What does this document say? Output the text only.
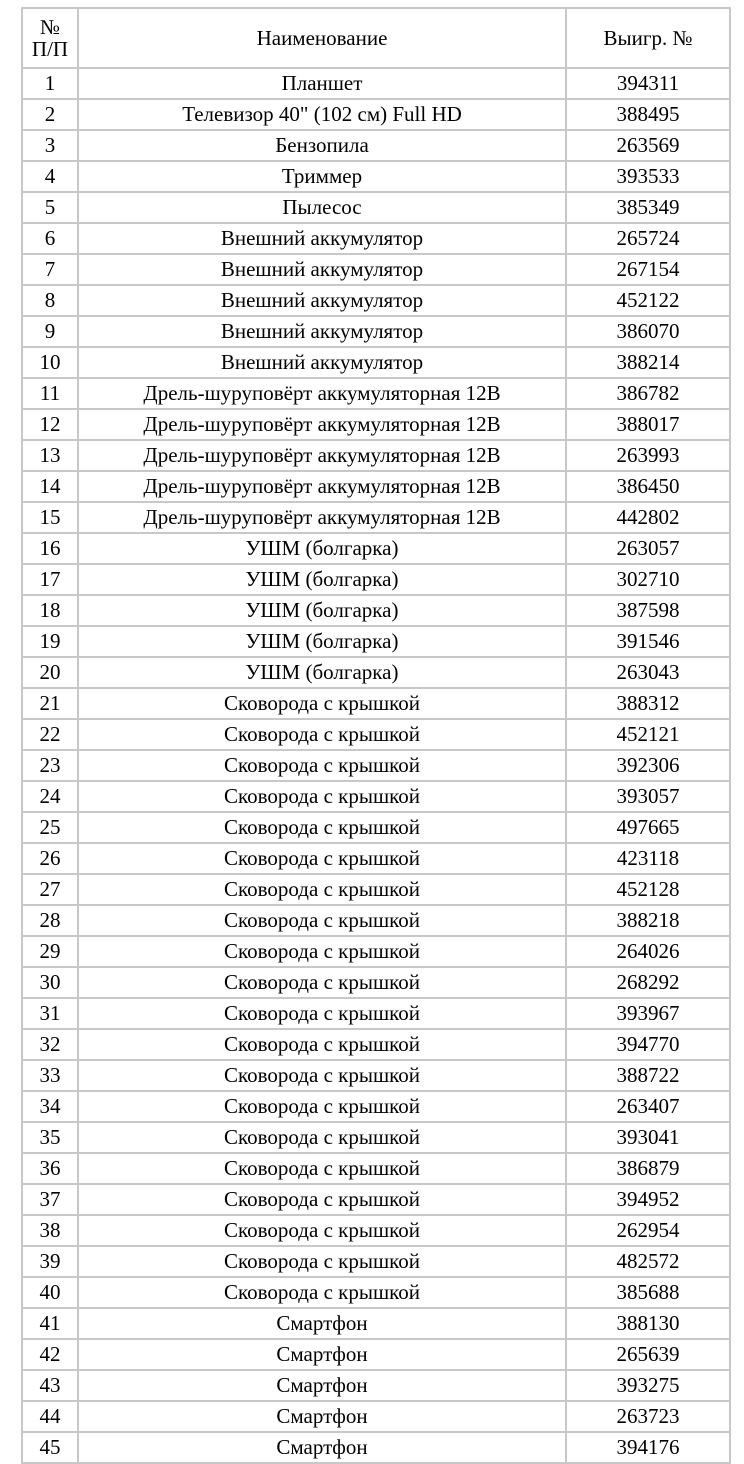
№
П/П	Наименование	Выигр. №
1	Планшет	394311
2	Телевизор 40" (102 см) Full HD	388495
3	Бензопила	263569
4	Триммер	393533
5	Пылесос	385349
6	Внешний аккумулятор	265724
7	Внешний аккумулятор	267154
8	Внешний аккумулятор	452122
9	Внешний аккумулятор	386070
10	Внешний аккумулятор	388214
11	Дрель-шуруповёрт аккумуляторная 12В	386782
12	Дрель-шуруповёрт аккумуляторная 12В	388017
13	Дрель-шуруповёрт аккумуляторная 12В	263993
14	Дрель-шуруповёрт аккумуляторная 12В	386450
15	Дрель-шуруповёрт аккумуляторная 12В	442802
16	УШМ (болгарка)	263057
17	УШМ (болгарка)	302710
18	УШМ (болгарка)	387598
19	УШМ (болгарка)	391546
20	УШМ (болгарка)	263043
21	Сковорода с крышкой	388312
22	Сковорода с крышкой	452121
23	Сковорода с крышкой	392306
24	Сковорода с крышкой	393057
25	Сковорода с крышкой	497665
26	Сковорода с крышкой	423118
27	Сковорода с крышкой	452128
28	Сковорода с крышкой	388218
29	Сковорода с крышкой	264026
30	Сковорода с крышкой	268292
31	Сковорода с крышкой	393967
32	Сковорода с крышкой	394770
33	Сковорода с крышкой	388722
34	Сковорода с крышкой	263407
35	Сковорода с крышкой	393041
36	Сковорода с крышкой	386879
37	Сковорода с крышкой	394952
38	Сковорода с крышкой	262954
39	Сковорода с крышкой	482572
40	Сковорода с крышкой	385688
41	Смартфон	388130
42	Смартфон	265639
43	Смартфон	393275
44	Смартфон	263723
45	Смартфон	394176
